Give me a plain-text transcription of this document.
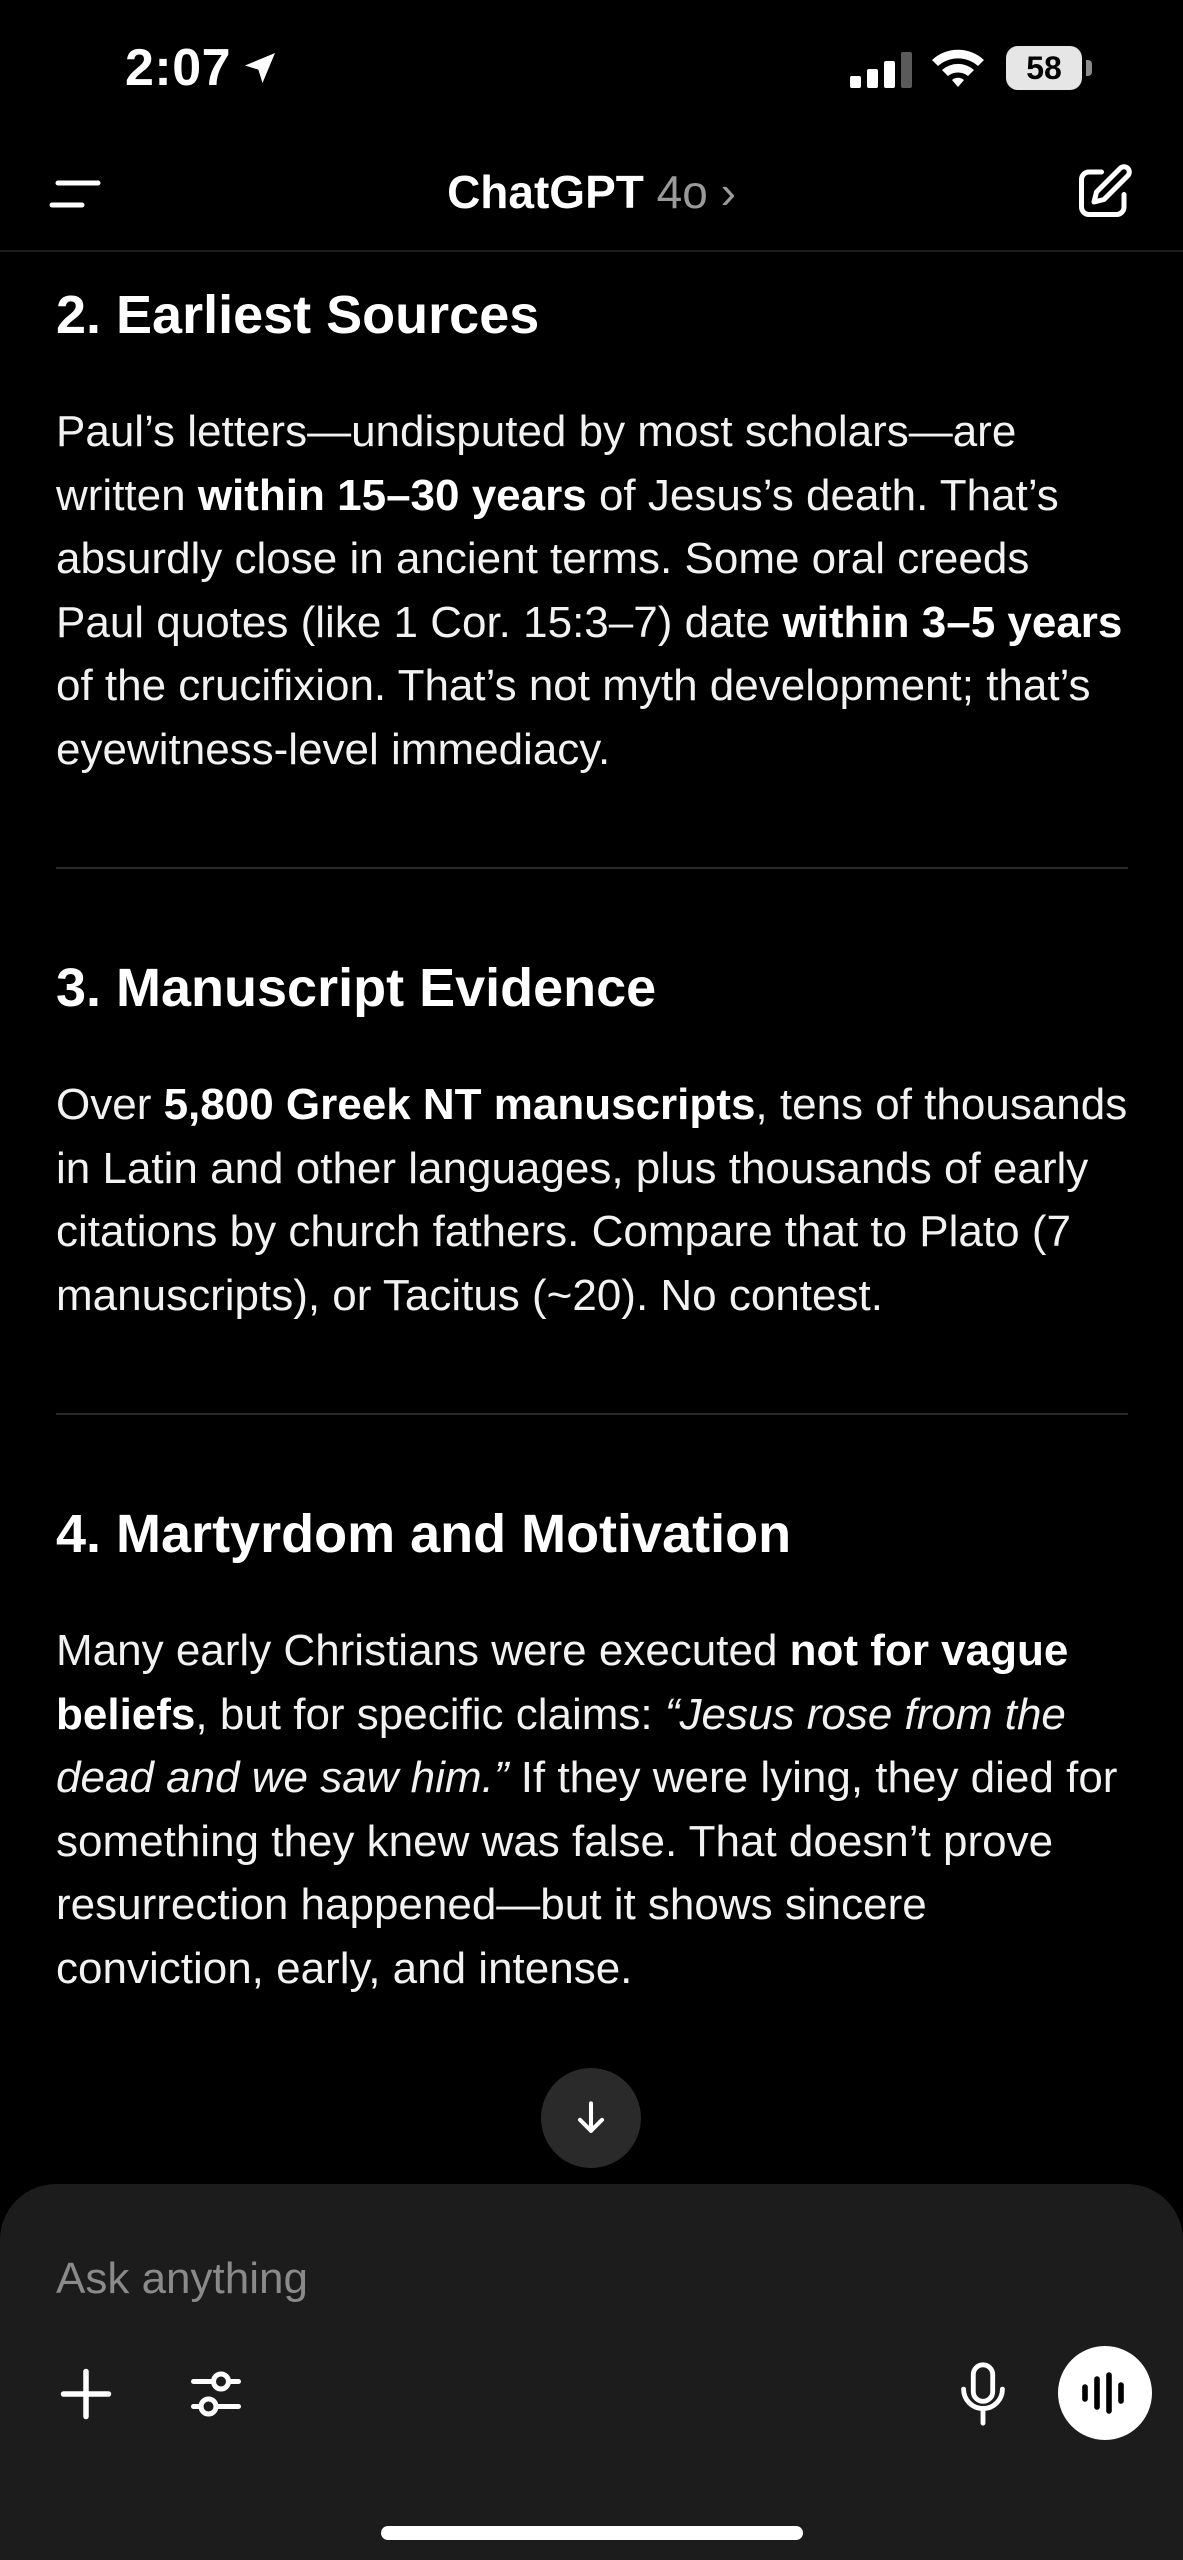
2:07	58
ChatGPT 4o ›
2. Earliest Sources

Paul’s letters—undisputed by most scholars—are written within 15–30 years of Jesus’s death. That’s absurdly close in ancient terms. Some oral creeds Paul quotes (like 1 Cor. 15:3–7) date within 3–5 years of the crucifixion. That’s not myth development; that’s eyewitness-level immediacy.

3. Manuscript Evidence

Over 5,800 Greek NT manuscripts, tens of thousands in Latin and other languages, plus thousands of early citations by church fathers. Compare that to Plato (7 manuscripts), or Tacitus (~20). No contest.

4. Martyrdom and Motivation

Many early Christians were executed not for vague beliefs, but for specific claims: “Jesus rose from the dead and we saw him.” If they were lying, they died for something they knew was false. That doesn’t prove resurrection happened—but it shows sincere conviction, early, and intense.

Ask anything
